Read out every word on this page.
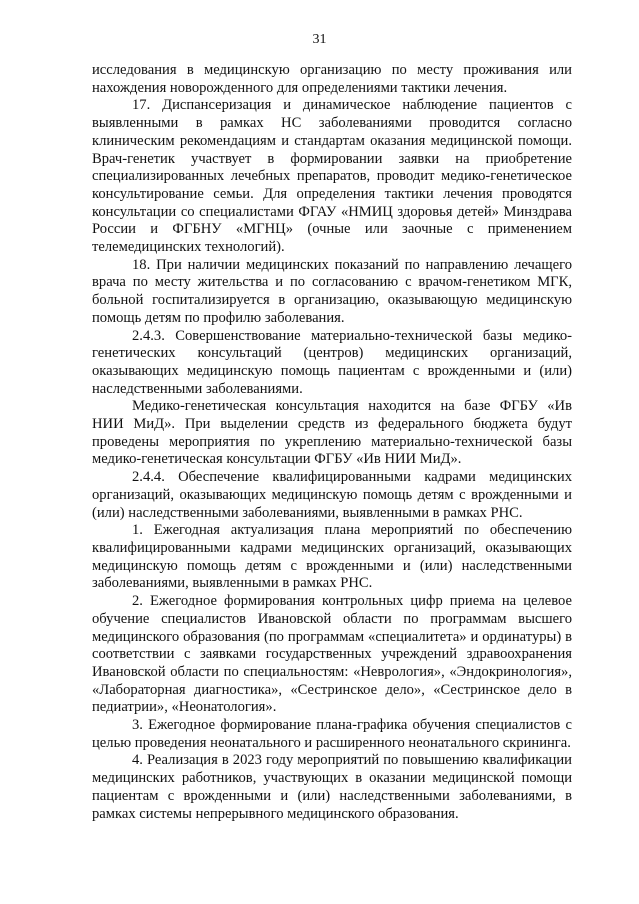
31

исследования в медицинскую организацию по месту проживания или нахождения новорожденного для определениями тактики лечения.

17. Диспансеризация и динамическое наблюдение пациентов с выявленными в рамках НС заболеваниями проводится согласно клиническим рекомендациям и стандартам оказания медицинской помощи. Врач-генетик участвует в формировании заявки на приобретение специализированных лечебных препаратов, проводит медико-генетическое консультирование семьи. Для определения тактики лечения проводятся консультации со специалистами ФГАУ «НМИЦ здоровья детей» Минздрава России и ФГБНУ «МГНЦ» (очные или заочные с применением телемедицинских технологий).

18. При наличии медицинских показаний по направлению лечащего врача по месту жительства и по согласованию с врачом-генетиком МГК, больной госпитализируется в организацию, оказывающую медицинскую помощь детям по профилю заболевания.

2.4.3. Совершенствование материально-технической базы медико-генетических консультаций (центров) медицинских организаций, оказывающих медицинскую помощь пациентам с врожденными и (или) наследственными заболеваниями.

Медико-генетическая консультация находится на базе ФГБУ «Ив НИИ МиД». При выделении средств из федерального бюджета будут проведены мероприятия по укреплению материально-технической базы медико-генетическая консультации ФГБУ «Ив НИИ МиД».

2.4.4. Обеспечение квалифицированными кадрами медицинских организаций, оказывающих медицинскую помощь детям с врожденными и (или) наследственными заболеваниями, выявленными в рамках РНС.

1. Ежегодная актуализация плана мероприятий по обеспечению квалифицированными кадрами медицинских организаций, оказывающих медицинскую помощь детям с врожденными и (или) наследственными заболеваниями, выявленными в рамках РНС.

2. Ежегодное формирования контрольных цифр приема на целевое обучение специалистов Ивановской области по программам высшего медицинского образования (по программам «специалитета» и ординатуры) в соответствии с заявками государственных учреждений здравоохранения Ивановской области по специальностям: «Неврология», «Эндокринология», «Лабораторная диагностика», «Сестринское дело», «Сестринское дело в педиатрии», «Неонатология».

3. Ежегодное формирование плана-графика обучения специалистов с целью проведения неонатального и расширенного неонатального скрининга.

4. Реализация в 2023 году мероприятий по повышению квалификации медицинских работников, участвующих в оказании медицинской помощи пациентам с врожденными и (или) наследственными заболеваниями, в рамках системы непрерывного медицинского образования.
